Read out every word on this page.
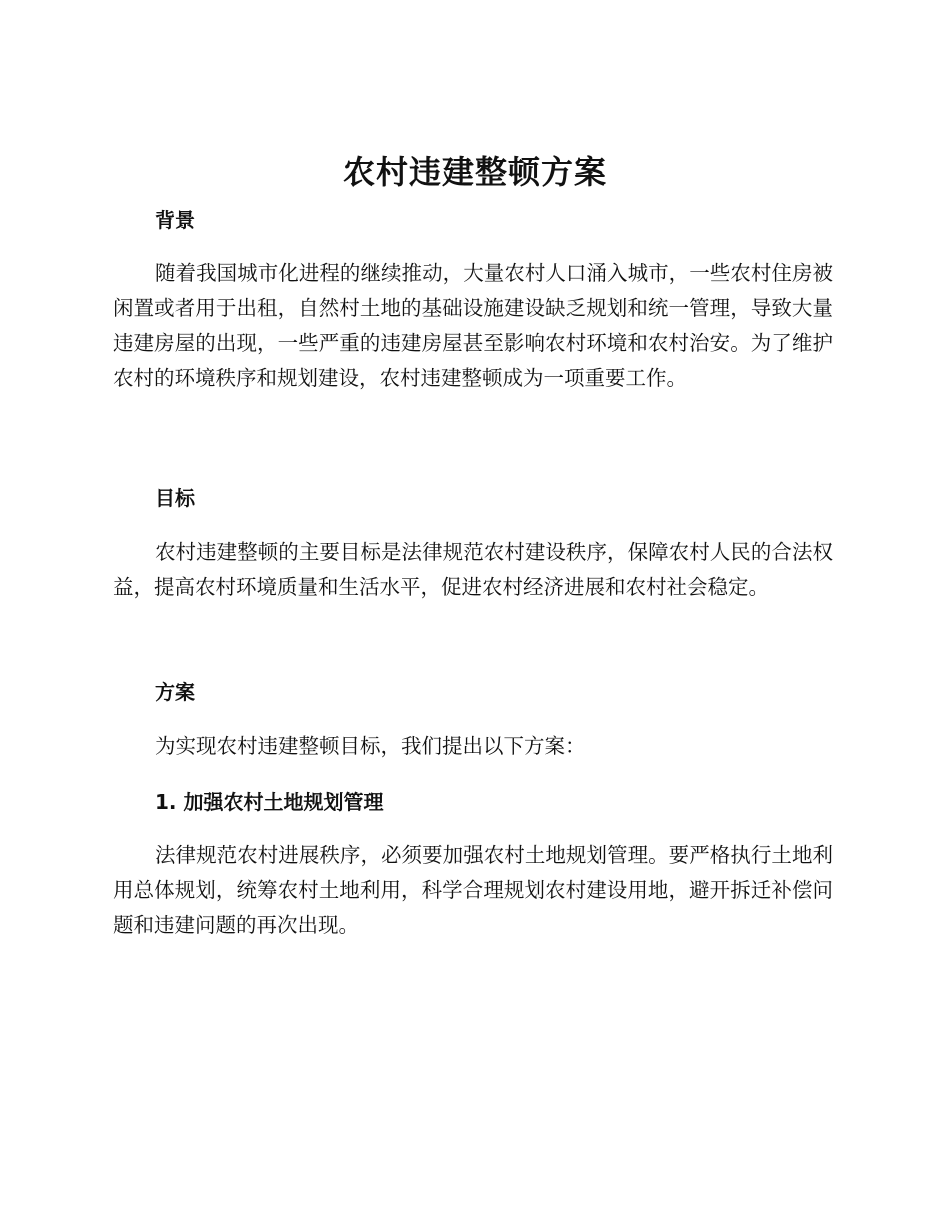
农村违建整顿方案
背景

随着我国城市化进程的继续推动，大量农村人口涌入城市，一些农村住房被闲置或者用于出租，自然村土地的基础设施建设缺乏规划和统一管理，导致大量违建房屋的出现，一些严重的违建房屋甚至影响农村环境和农村治安。为了维护农村的环境秩序和规划建设，农村违建整顿成为一项重要工作。

目标

农村违建整顿的主要目标是法律规范农村建设秩序，保障农村人民的合法权益，提高农村环境质量和生活水平，促进农村经济进展和农村社会稳定。

方案

为实现农村违建整顿目标，我们提出以下方案：

1. 加强农村土地规划管理

法律规范农村进展秩序，必须要加强农村土地规划管理。要严格执行土地利用总体规划，统筹农村土地利用，科学合理规划农村建设用地，避开拆迁补偿问题和违建问题的再次出现。
